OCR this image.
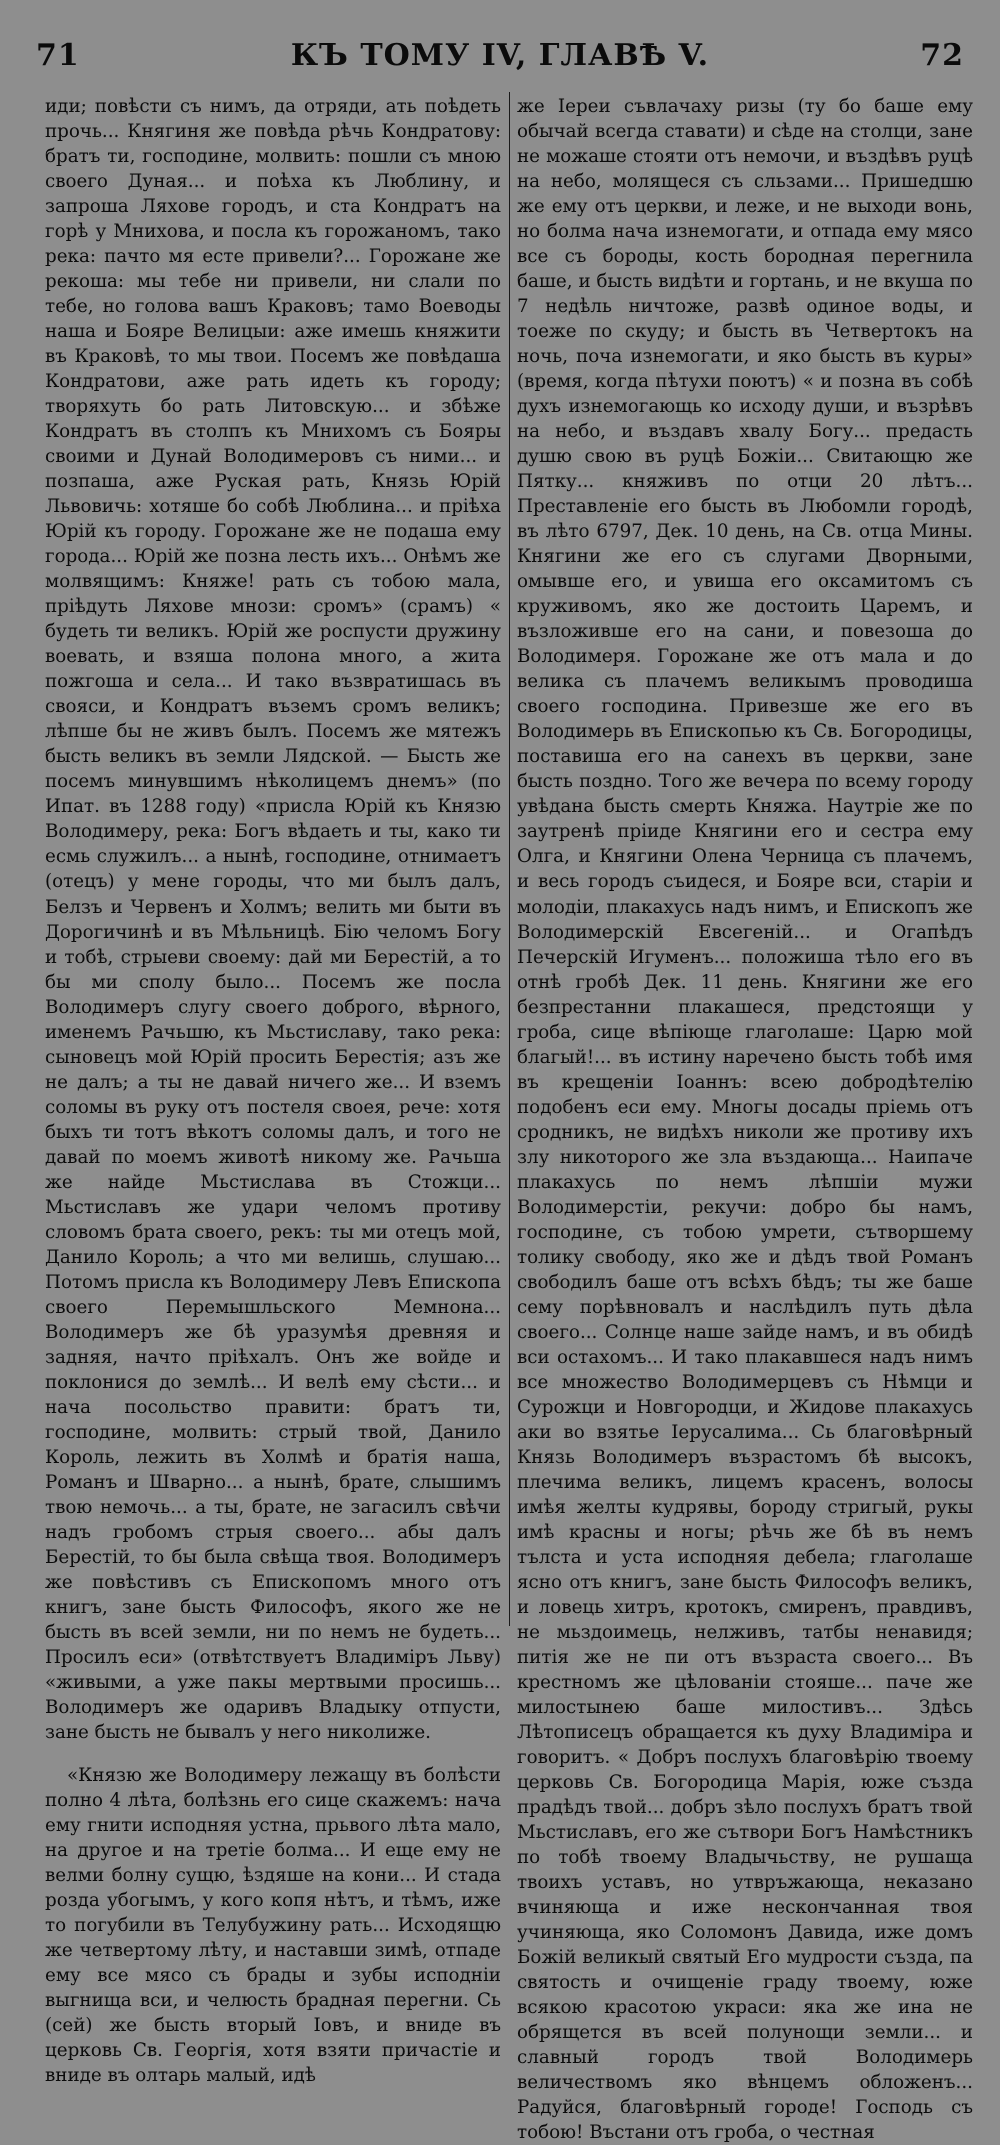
71	КЪ ТОМУ IV, ГЛАВѢ V.	72

иди; повѣсти съ нимъ, да отряди, ать поѣдеть прочь... Княгиня же повѣда рѣчь Кондратову: братъ ти, господине, молвить: пошли съ мною своего Дуная... и поѣха къ Люблину, и запроша Ляхове городъ, и ста Кондратъ на горѣ у Мнихова, и посла къ горожаномъ, тако река: пачто мя есте привели?... Горожане же рекоша: мы тебе ни привели, ни слали по тебе, но голова вашъ Краковъ; тамо Воеводы наша и Бояре Велицыи: аже имешь княжити въ Краковѣ, то мы твои. Посемъ же повѣдаша Кондратови, аже рать идеть къ городу; творяхуть бо рать Литовскую... и збѣже Кондратъ въ столпъ къ Мнихомъ съ Бояры своими и Дунай Володимеровъ съ ними... и позпаша, аже Руская рать, Князь Юрій Львовичь: хотяше бо собѣ Люблина... и пріѣха Юрій къ городу. Горожане же не подаша ему города... Юрій же позна лесть ихъ... Онѣмъ же молвящимъ: Княже! рать съ тобою мала, пріѣдуть Ляхове мнози: сромъ» (срамъ) « будеть ти великъ. Юрій же роспусти дружину воевать, и взяша полона много, а жита пожгоша и села... И тако възвратишась въ свояси, и Кондратъ въземъ сромъ великъ; лѣпше бы не живъ былъ. Посемъ же мятежъ бысть великъ въ земли Лядской. — Бысть же посемъ минувшимъ нѣколицемъ днемъ» (по Ипат. въ 1288 году) «присла Юрій къ Князю Володимеру, река: Богъ вѣдаеть и ты, како ти есмь служилъ... а нынѣ, господине, отнимаетъ (отецъ) у мене городы, что ми былъ далъ, Белзъ и Червенъ и Холмъ; велить ми быти въ Дорогичинѣ и въ Мѣльницѣ. Бію челомъ Богу и тобѣ, стрыеви своему: дай ми Берестій, а то бы ми сполу было... Посемъ же посла Володимеръ слугу своего доброго, вѣрного, именемъ Рачьшю, къ Мьстиславу, тако река: сыновецъ мой Юрій просить Берестія; азъ же не далъ; а ты не давай ничего же... И вземъ соломы въ руку отъ постеля своея, рече: хотя быхъ ти тотъ вѣкотъ соломы далъ, и того не давай по моемъ животѣ никому же. Рачьша же найде Мьстислава въ Стожци... Мьстиславъ же удари челомъ противу словомъ брата своего, рекъ: ты ми отецъ мой, Данило Король; а что ми велишь, слушаю... Потомъ присла къ Володимеру Левъ Епископа своего Перемышльского Мемнона... Володимеръ же бѣ уразумѣя древняя и задняя, начто пріѣхалъ. Онъ же войде и поклонися до землѣ... И велѣ ему сѣсти... и нача посольство правити: братъ ти, господине, молвить: стрый твой, Данило Король, лежить въ Холмѣ и братія наша, Романъ и Шварно... а нынѣ, брате, слышимъ твою немочь... а ты, брате, не загасилъ свѣчи надъ гробомъ стрыя своего... абы далъ Берестій, то бы была свѣща твоя. Володимеръ же повѣстивъ съ Епископомъ много отъ книгъ, зане бысть Философъ, якого же не бысть въ всей земли, ни по немъ не будеть... Просилъ еси» (отвѣтствуетъ Владиміръ Льву) «живыми, а уже пакы мертвыми просишь... Володимеръ же одаривъ Владыку отпусти, зане бысть не бывалъ у него николиже.

«Князю же Володимеру лежащу въ болѣсти полно 4 лѣта, болѣзнь его сице скажемъ: нача ему гнити исподняя устна, прьвого лѣта мало, на другое и на третіе болма... И еще ему не велми болну сущю, ѣздяше на кони... И стада розда убогымъ, у кого копя нѣтъ, и тѣмъ, иже то погубили въ Телубужину рать... Исходящю же четвертому лѣту, и наставши зимѣ, отпаде ему все мясо съ брады и зубы исподніи выгнища вси, и челюсть брадная перегни. Сь (сей) же бысть вторый Іовъ, и вниде въ церковь Св. Георгія, хотя взяти причастіе и вниде въ олтарь малый, идѣ

же Іереи съвлачаху ризы (ту бо баше ему обычай всегда ставати) и сѣде на столци, зане не можаше стояти отъ немочи, и въздѣвъ руцѣ на небо, молящеся съ сльзами... Пришедшю же ему отъ церкви, и леже, и не выходи вонь, но болма нача изнемогати, и отпада ему мясо все съ бороды, кость бородная перегнила баше, и бысть видѣти и гортань, и не вкуша по 7 недѣль ничтоже, развѣ одиное воды, и тоеже по скуду; и бысть въ Четвертокъ на ночь, поча изнемогати, и яко бысть въ куры» (время, когда пѣтухи поютъ) « и позна въ собѣ духъ изнемогающь ко исходу души, и възрѣвъ на небо, и въздавъ хвалу Богу... предасть душю свою въ руцѣ Божіи... Свитающю же Пятку... княживъ по отци 20 лѣтъ... Преставленіе его бысть въ Любомли городѣ, въ лѣто 6797, Дек. 10 день, на Св. отца Мины. Княгини же его съ слугами Дворными, омывше его, и увиша его оксамитомъ съ круживомъ, яко же достоить Царемъ, и възложивше его на сани, и повезоша до Володимеря. Горожане же отъ мала и до велика съ плачемъ великымъ проводиша своего господина. Привезше же его въ Володимерь въ Епископью къ Св. Богородицы, поставиша его на санехъ въ церкви, зане бысть поздно. Того же вечера по всему городу увѣдана бысть смерть Княжа. Наутріе же по заутренѣ пріиде Княгини его и сестра ему Олга, и Княгини Олена Черница съ плачемъ, и весь городъ съидеся, и Бояре вси, старіи и молодіи, плакахусь надъ нимъ, и Епископъ же Володимерскій Евсегеній... и Огапѣдъ Печерскій Игуменъ... положиша тѣло его въ отнѣ гробѣ Дек. 11 день. Княгини же его безпрестанни плакашеся, предстоящи у гроба, сице вѣпіюще глаголаше: Царю мой благый!... въ истину наречено бысть тобѣ имя въ крещеніи Іоаннъ: всею добродѣтелію подобенъ еси ему. Многы досады пріемь отъ сродникъ, не видѣхъ николи же противу ихъ злу никоторого же зла въздающа... Наипаче плакахусь по немъ лѣпшіи мужи Володимерстіи, рекучи: добро бы намъ, господине, съ тобою умрети, сътворшему толику свободу, яко же и дѣдъ твой Романъ свободилъ баше отъ всѣхъ бѣдъ; ты же баше сему порѣвновалъ и наслѣдилъ путь дѣла своего... Солнце наше зайде намъ, и въ обидѣ вси остахомъ... И тако плакавшеся надъ нимъ все множество Володимерцевъ съ Нѣмци и Сурожци и Новгородци, и Жидове плакахусь аки во взятье Іерусалима... Сь благовѣрный Князь Володимеръ възрастомъ бѣ высокъ, плечима великъ, лицемъ красенъ, волосы имѣя желты кудрявы, бороду стригый, рукы имѣ красны и ногы; рѣчь же бѣ въ немъ тълста и уста исподняя дебела; глаголаше ясно отъ книгъ, зане бысть Философъ великъ, и ловець хитръ, кротокъ, смиренъ, правдивъ, не мьздоимець, нелживъ, татбы ненавидя; питія же не пи отъ възраста своего... Въ крестномъ же цѣлованіи стояше... паче же милостынею баше милостивъ... Здѣсь Лѣтописецъ обращается къ духу Владиміра и говоритъ. « Добръ послухъ благовѣрію твоему церковь Св. Богородица Марія, юже създа прадѣдъ твой... добръ зѣло послухъ братъ твой Мьстиславъ, его же сътвори Богъ Намѣстникъ по тобѣ твоему Владычьству, не рушаща твоихъ уставъ, но утвръжающа, неказано вчиняюща и иже нескончанная твоя учиняюща, яко Соломонъ Давида, иже домъ Божій великый святый Его мудрости създа, па святость и очищеніе граду твоему, юже всякою красотою украси: яка же ина не обрящется въ всей полунощи земли... и славный городъ твой Володимерь величествомъ яко вѣнцемъ обложенъ... Радуйся, благовѣрный городе! Господь съ тобою! Въстани отъ гроба, о честная
